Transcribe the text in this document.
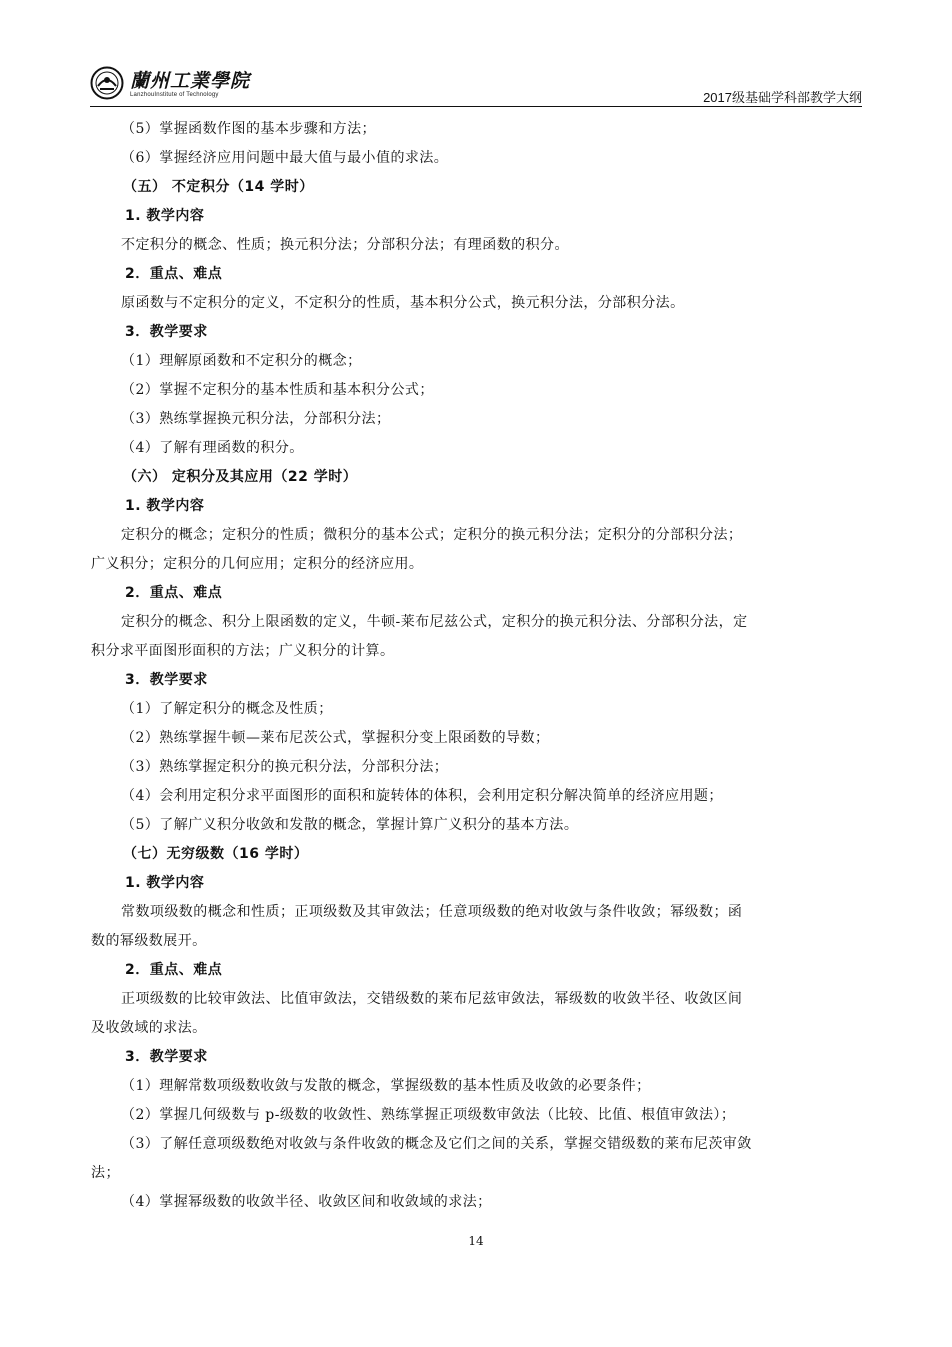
蘭州工業學院
LanzhouInstitute of Technology	2017级基础学科部教学大纲
（5）掌握函数作图的基本步骤和方法；
（6）掌握经济应用问题中最大值与最小值的求法。
（五） 不定积分（14 学时）
1. 教学内容
不定积分的概念、性质；换元积分法；分部积分法；有理函数的积分。
2．重点、难点
原函数与不定积分的定义，不定积分的性质，基本积分公式，换元积分法，分部积分法。
3．教学要求
（1）理解原函数和不定积分的概念；
（2）掌握不定积分的基本性质和基本积分公式；
（3）熟练掌握换元积分法，分部积分法；
（4）了解有理函数的积分。
（六） 定积分及其应用（22 学时）
1. 教学内容
定积分的概念；定积分的性质；微积分的基本公式；定积分的换元积分法；定积分的分部积分法；
广义积分；定积分的几何应用；定积分的经济应用。
2．重点、难点
定积分的概念、积分上限函数的定义，牛顿-莱布尼兹公式，定积分的换元积分法、分部积分法，定
积分求平面图形面积的方法；广义积分的计算。
3．教学要求
（1）了解定积分的概念及性质；
（2）熟练掌握牛顿—莱布尼茨公式，掌握积分变上限函数的导数；
（3）熟练掌握定积分的换元积分法，分部积分法；
（4）会利用定积分求平面图形的面积和旋转体的体积，会利用定积分解决简单的经济应用题；
（5）了解广义积分收敛和发散的概念，掌握计算广义积分的基本方法。
（七）无穷级数（16 学时）
1. 教学内容
常数项级数的概念和性质；正项级数及其审敛法；任意项级数的绝对收敛与条件收敛；幂级数；函
数的幂级数展开。
2．重点、难点
正项级数的比较审敛法、比值审敛法，交错级数的莱布尼兹审敛法，幂级数的收敛半径、收敛区间
及收敛域的求法。
3．教学要求
（1）理解常数项级数收敛与发散的概念，掌握级数的基本性质及收敛的必要条件；
（2）掌握几何级数与 p-级数的收敛性、熟练掌握正项级数审敛法（比较、比值、根值审敛法）；
（3）了解任意项级数绝对收敛与条件收敛的概念及它们之间的关系，掌握交错级数的莱布尼茨审敛
法；
（4）掌握幂级数的收敛半径、收敛区间和收敛域的求法；
14
